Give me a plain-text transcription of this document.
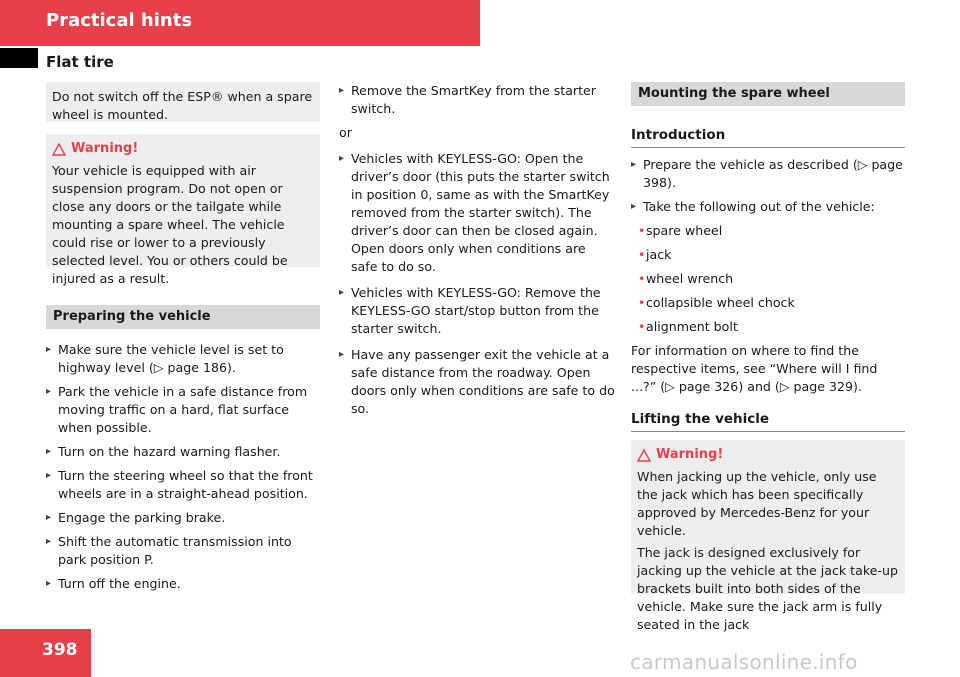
Practical hints
Flat tire

Do not switch off the ESP® when a spare wheel is mounted.

Warning!

Your vehicle is equipped with air suspension program. Do not open or close any doors or the tailgate while mounting a spare wheel. The vehicle could rise or lower to a previously selected level. You or others could be injured as a result.

Preparing the vehicle
▸ Make sure the vehicle level is set to highway level (▷ page 186).
▸ Park the vehicle in a safe distance from moving traffic on a hard, flat surface when possible.
▸ Turn on the hazard warning flasher.
▸ Turn the steering wheel so that the front wheels are in a straight-ahead position.
▸ Engage the parking brake.
▸ Shift the automatic transmission into park position P.
▸ Turn off the engine.
▸ Remove the SmartKey from the starter switch.

or

▸ Vehicles with KEYLESS-GO: Open the driver’s door (this puts the starter switch in position 0, same as with the SmartKey removed from the starter switch). The driver’s door can then be closed again. Open doors only when conditions are safe to do so.
▸ Vehicles with KEYLESS-GO: Remove the KEYLESS-GO start/stop button from the starter switch.
▸ Have any passenger exit the vehicle at a safe distance from the roadway. Open doors only when conditions are safe to do so.
Mounting the spare wheel
Introduction
▸ Prepare the vehicle as described (▷ page 398).
▸ Take the following out of the vehicle:
• spare wheel
• jack
• wheel wrench
• collapsible wheel chock
• alignment bolt

For information on where to find the respective items, see “Where will I find ...?” (▷ page 326) and (▷ page 329).

Lifting the vehicle
Warning!

When jacking up the vehicle, only use the jack which has been specifically approved by Mercedes-Benz for your vehicle.

The jack is designed exclusively for jacking up the vehicle at the jack take-up brackets built into both sides of the vehicle. Make sure the jack arm is fully seated in the jack

398	carmanualsonline.info
